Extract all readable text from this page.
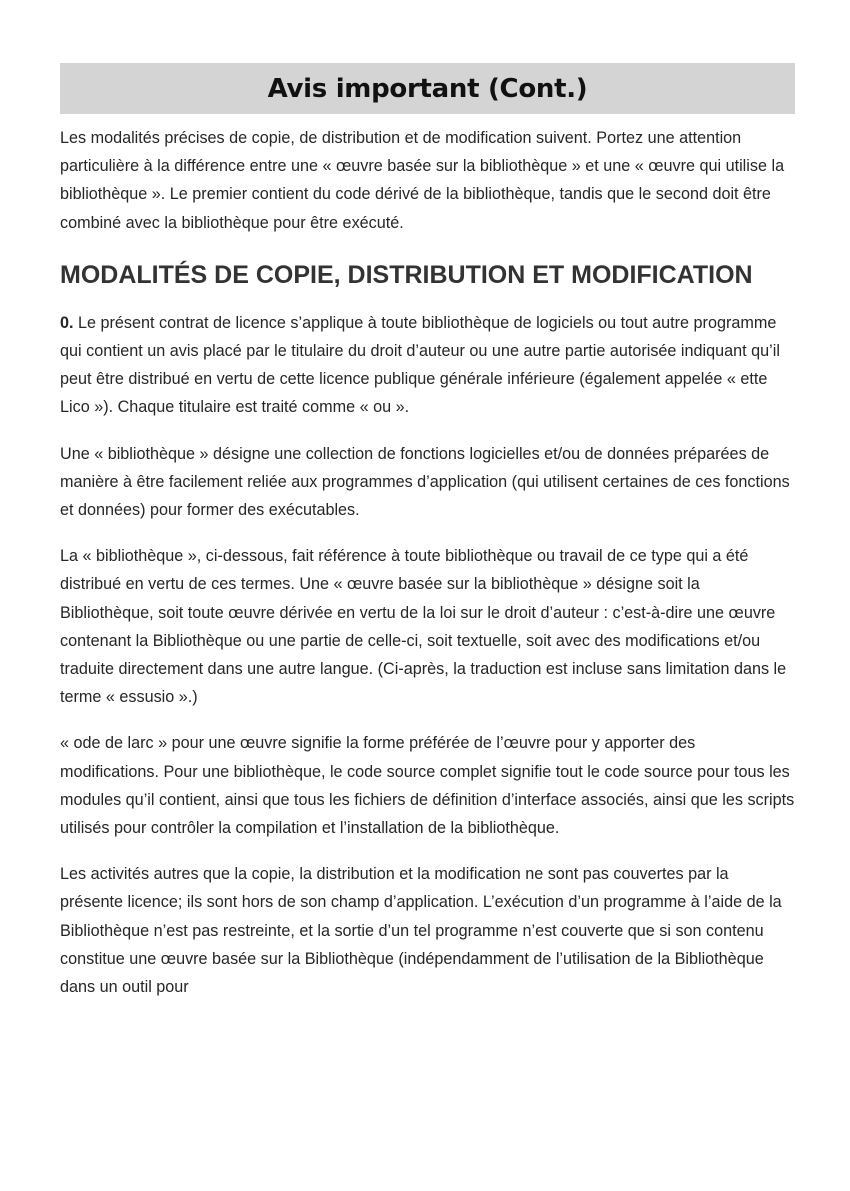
Avis important (Cont.)

Les modalités précises de copie, de distribution et de modification suivent. Portez une attention particulière à la différence entre une « œuvre basée sur la bibliothèque » et une « œuvre qui utilise la bibliothèque ». Le premier contient du code dérivé de la bibliothèque, tandis que le second doit être combiné avec la bibliothèque pour être exécuté.

MODALITÉS DE COPIE, DISTRIBUTION ET MODIFICATION

0. Le présent contrat de licence s’applique à toute bibliothèque de logiciels ou tout autre programme qui contient un avis placé par le titulaire du droit d’auteur ou une autre partie autorisée indiquant qu’il peut être distribué en vertu de cette licence publique générale inférieure (également appelée « ette Lico »). Chaque titulaire est traité comme « ou ».

Une « bibliothèque » désigne une collection de fonctions logicielles et/ou de données préparées de manière à être facilement reliée aux programmes d’application (qui utilisent certaines de ces fonctions et données) pour former des exécutables.

La « bibliothèque », ci-dessous, fait référence à toute bibliothèque ou travail de ce type qui a été distribué en vertu de ces termes. Une « œuvre basée sur la bibliothèque » désigne soit la Bibliothèque, soit toute œuvre dérivée en vertu de la loi sur le droit d’auteur : c’est-à-dire une œuvre contenant la Bibliothèque ou une partie de celle-ci, soit textuelle, soit avec des modifications et/ou traduite directement dans une autre langue. (Ci-après, la traduction est incluse sans limitation dans le terme « essusio ».)

« ode de larc » pour une œuvre signifie la forme préférée de l’œuvre pour y apporter des modifications. Pour une bibliothèque, le code source complet signifie tout le code source pour tous les modules qu’il contient, ainsi que tous les fichiers de définition d’interface associés, ainsi que les scripts utilisés pour contrôler la compilation et l’installation de la bibliothèque.

Les activités autres que la copie, la distribution et la modification ne sont pas couvertes par la présente licence; ils sont hors de son champ d’application. L’exécution d’un programme à l’aide de la Bibliothèque n’est pas restreinte, et la sortie d’un tel programme n’est couverte que si son contenu constitue une œuvre basée sur la Bibliothèque (indépendamment de l’utilisation de la Bibliothèque dans un outil pour
